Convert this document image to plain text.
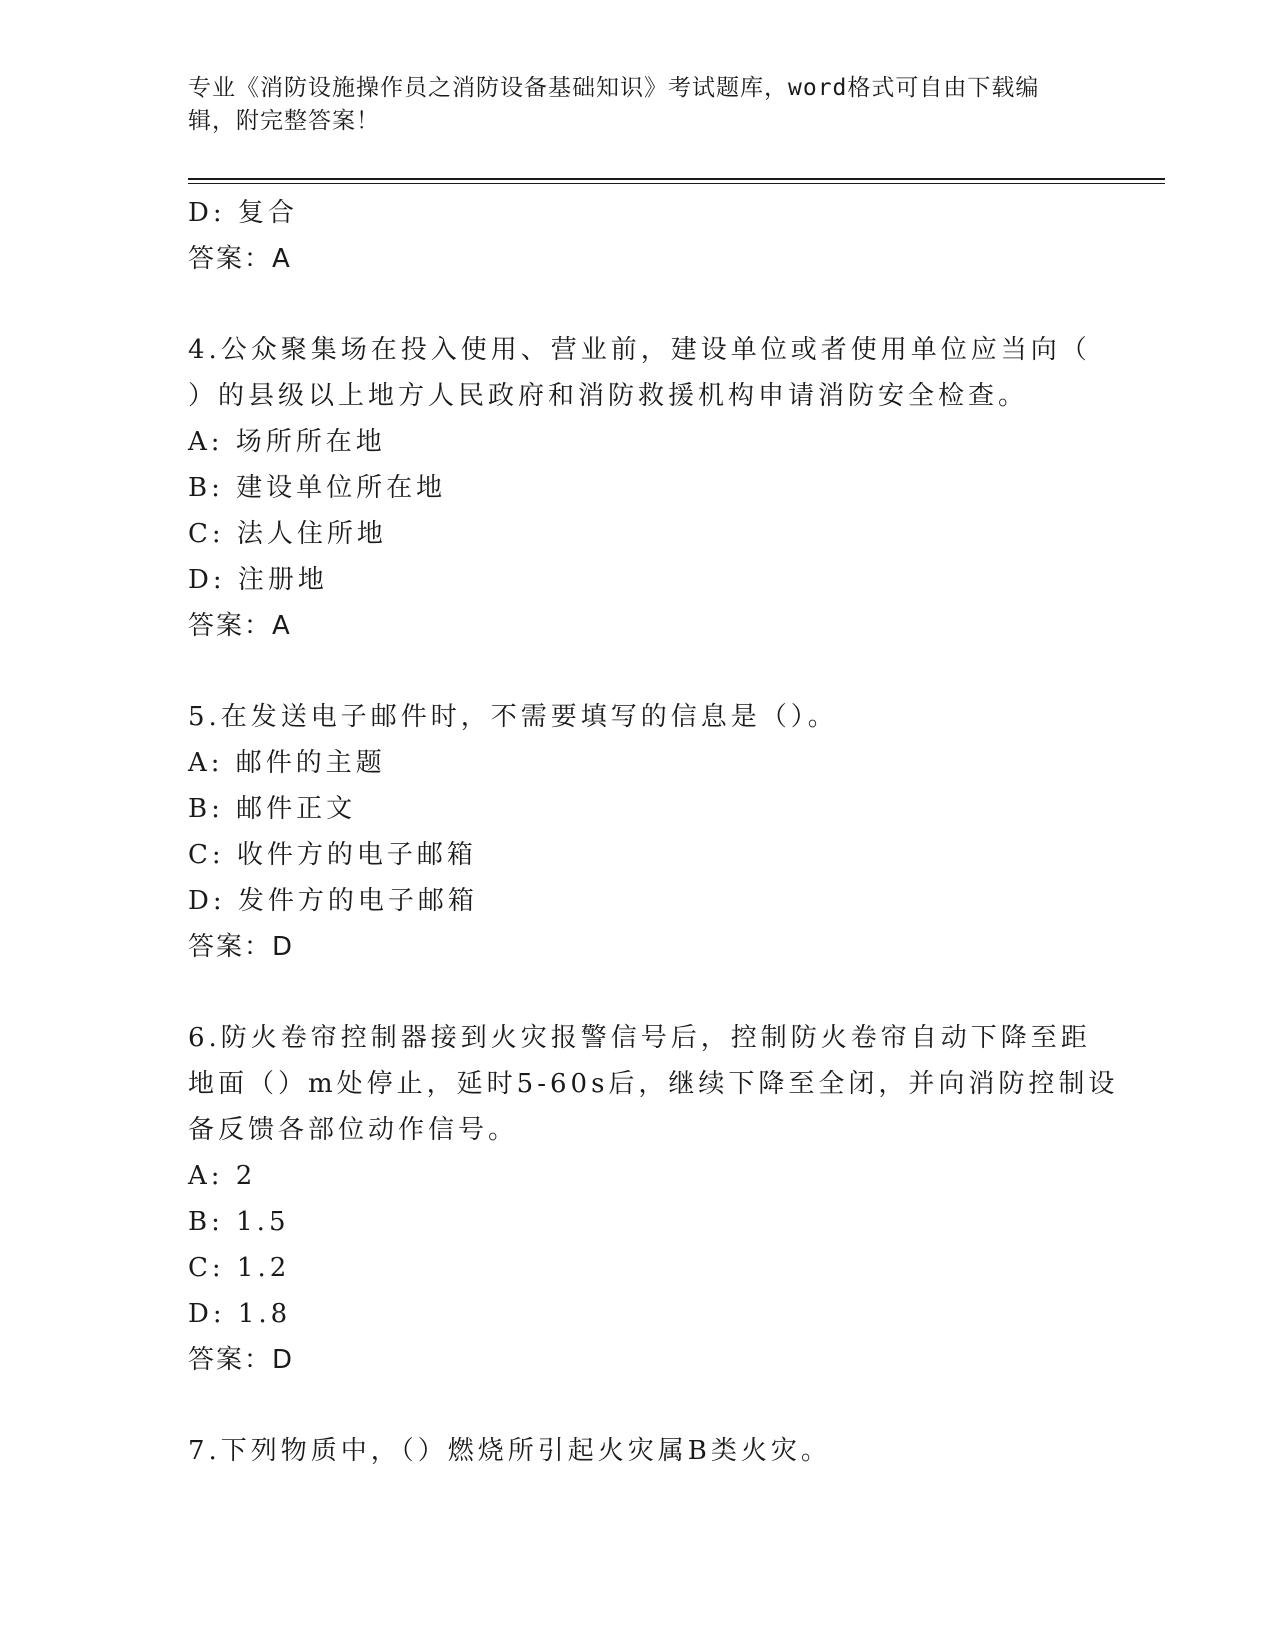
专业《消防设施操作员之消防设备基础知识》考试题库，word格式可自由下载编
辑，附完整答案！
D: 复合
答案：A
4.公众聚集场在投入使用、营业前，建设单位或者使用单位应当向（
）的县级以上地方人民政府和消防救援机构申请消防安全检查。
A: 场所所在地
B: 建设单位所在地
C: 法人住所地
D: 注册地
答案：A
5.在发送电子邮件时，不需要填写的信息是（）。
A: 邮件的主题
B: 邮件正文
C: 收件方的电子邮箱
D: 发件方的电子邮箱
答案：D
6.防火卷帘控制器接到火灾报警信号后，控制防火卷帘自动下降至距
地面（）m处停止，延时5-60s后，继续下降至全闭，并向消防控制设
备反馈各部位动作信号。
A: 2
B: 1.5
C: 1.2
D: 1.8
答案：D
7.下列物质中，（）燃烧所引起火灾属B类火灾。
